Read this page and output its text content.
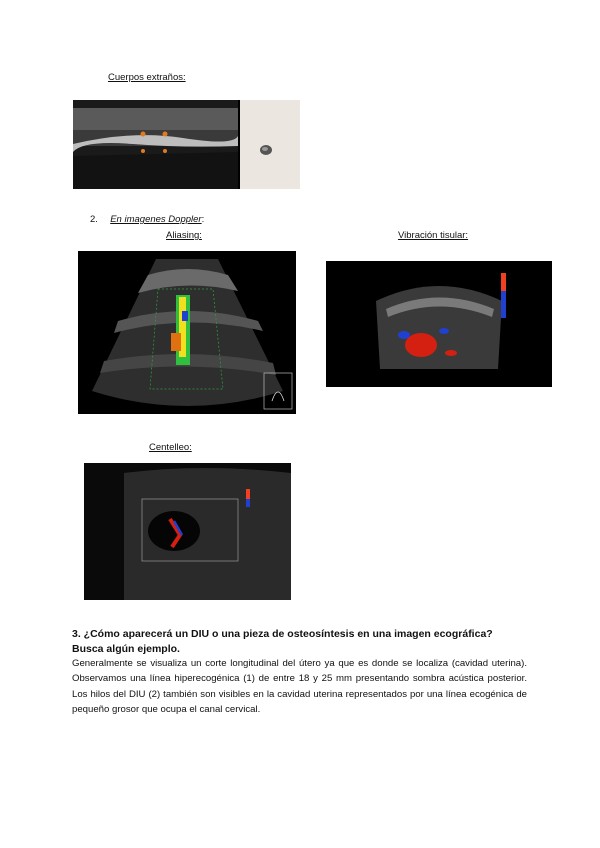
Cuerpos extraños:
2. En imagenes Doppler:
Aliasing:	Vibración tisular:
Centelleo:
3. ¿Cómo aparecerá un DIU o una pieza de osteosíntesis en una imagen ecográfica? Busca algún ejemplo.
Generalmente se visualiza un corte longitudinal del útero ya que es donde se localiza (cavidad uterina). Observamos una línea hiperecogénica (1) de entre 18 y 25 mm presentando sombra acústica posterior. Los hilos del DIU (2) también son visibles en la cavidad uterina representados por una línea ecogénica de pequeño grosor que ocupa el canal cervical.
